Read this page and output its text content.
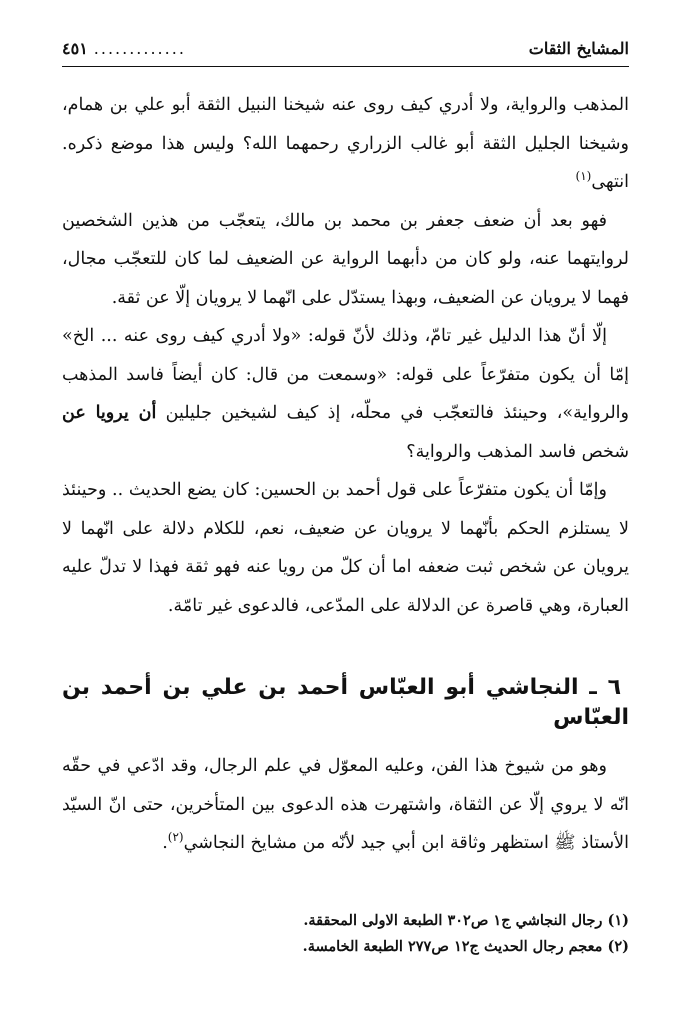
المشايخ الثقات
.............
٤٥١

المذهب والرواية، ولا أدري كيف روى عنه شيخنا النبيل الثقة أبو علي بن همام، وشيخنا الجليل الثقة أبو غالب الزراري رحمهما الله؟ وليس هذا موضع ذكره. انتهى$^{(١)}$

فهو بعد أن ضعف جعفر بن محمد بن مالك، يتعجّب من هذين الشخصين لروايتهما عنه، ولو كان من دأبهما الرواية عن الضعيف لما كان للتعجّب مجال، فهما لا يرويان عن الضعيف، وبهذا يستدّل على انّهما لا يرويان إلّا عن ثقة.

إلّا أنّ هذا الدليل غير تامّ، وذلك لأنّ قوله: «ولا أدري كيف روى عنه ... الخ» إمّا أن يكون متفرّعاً على قوله: «وسمعت من قال: كان أيضاً فاسد المذهب والرواية»، وحينئذ فالتعجّب في محلّه، إذ كيف لشيخين جليلين أن يرويا عن شخص فاسد المذهب والرواية؟

وإمّا أن يكون متفرّعاً على قول أحمد بن الحسين: كان يضع الحديث .. وحينئذ لا يستلزم الحكم بأنّهما لا يرويان عن ضعيف، نعم، للكلام دلالة على انّهما لا يرويان عن شخص ثبت ضعفه اما أن كلّ من رويا عنه فهو ثقة فهذا لا تدلّ عليه العبارة، وهي قاصرة عن الدلالة على المدّعى، فالدعوى غير تامّة.

٦ ـ النجاشي أبو العبّاس أحمد بن علي بن أحمد بن العبّاس

وهو من شيوخ هذا الفن، وعليه المعوّل في علم الرجال، وقد ادّعي في حقّه انّه لا يروي إلّا عن الثقاة، واشتهرت هذه الدعوى بين المتأخرين، حتى انّ السيّد الأستاذ ﷺ استظهر وثاقة ابن أبي جيد لأنّه من مشايخ النجاشي$^{(٢)}$.

(١) رجال النجاشي ج١ ص٣٠٢ الطبعة الاولى المحققة.

(٢) معجم رجال الحديث ج١٢ ص٢٧٧ الطبعة الخامسة.
